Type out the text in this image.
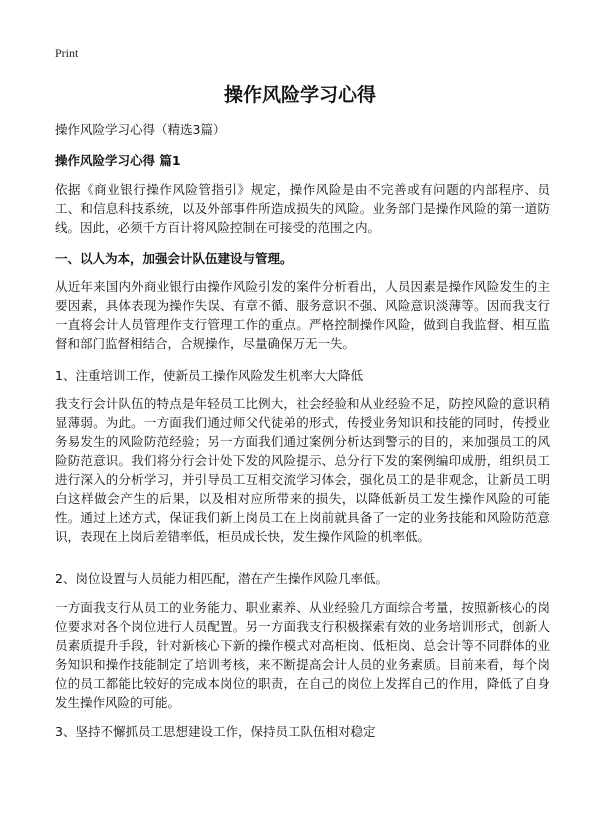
Print
操作风险学习心得
操作风险学习心得（精选3篇）
操作风险学习心得 篇1

依据《商业银行操作风险管指引》规定，操作风险是由不完善或有问题的内部程序、员工、和信息科技系统，以及外部事件所造成损失的风险。业务部门是操作风险的第一道防线。因此，必须千方百计将风险控制在可接受的范围之内。

一、以人为本，加强会计队伍建设与管理。

从近年来国内外商业银行由操作风险引发的案件分析看出，人员因素是操作风险发生的主要因素，具体表现为操作失误、有章不循、服务意识不强、风险意识淡薄等。因而我支行一直将会计人员管理作支行管理工作的重点。严格控制操作风险，做到自我监督、相互监督和部门监督相结合，合规操作，尽量确保万无一失。

1、注重培训工作，使新员工操作风险发生机率大大降低

我支行会计队伍的特点是年轻员工比例大，社会经验和从业经验不足，防控风险的意识稍显薄弱。为此。一方面我们通过师父代徒弟的形式，传授业务知识和技能的同时，传授业务易发生的风险防范经验；另一方面我们通过案例分析达到警示的目的，来加强员工的风险防范意识。我们将分行会计处下发的风险提示、总分行下发的案例编印成册，组织员工进行深入的分析学习，并引导员工互相交流学习体会，强化员工的是非观念，让新员工明白这样做会产生的后果，以及相对应所带来的损失，以降低新员工发生操作风险的可能性。通过上述方式，保证我们新上岗员工在上岗前就具备了一定的业务技能和风险防范意识，表现在上岗后差错率低，柜员成长快，发生操作风险的机率低。

2、岗位设置与人员能力相匹配，潜在产生操作风险几率低。

一方面我支行从员工的业务能力、职业素养、从业经验几方面综合考量，按照新核心的岗位要求对各个岗位进行人员配置。另一方面我支行积极探索有效的业务培训形式，创新人员素质提升手段，针对新核心下新的操作模式对高柜岗、低柜岗、总会计等不同群体的业务知识和操作技能制定了培训考核，来不断提高会计人员的业务素质。目前来看，每个岗位的员工都能比较好的完成本岗位的职责，在自己的岗位上发挥自己的作用，降低了自身发生操作风险的可能。

3、坚持不懈抓员工思想建设工作，保持员工队伍相对稳定
